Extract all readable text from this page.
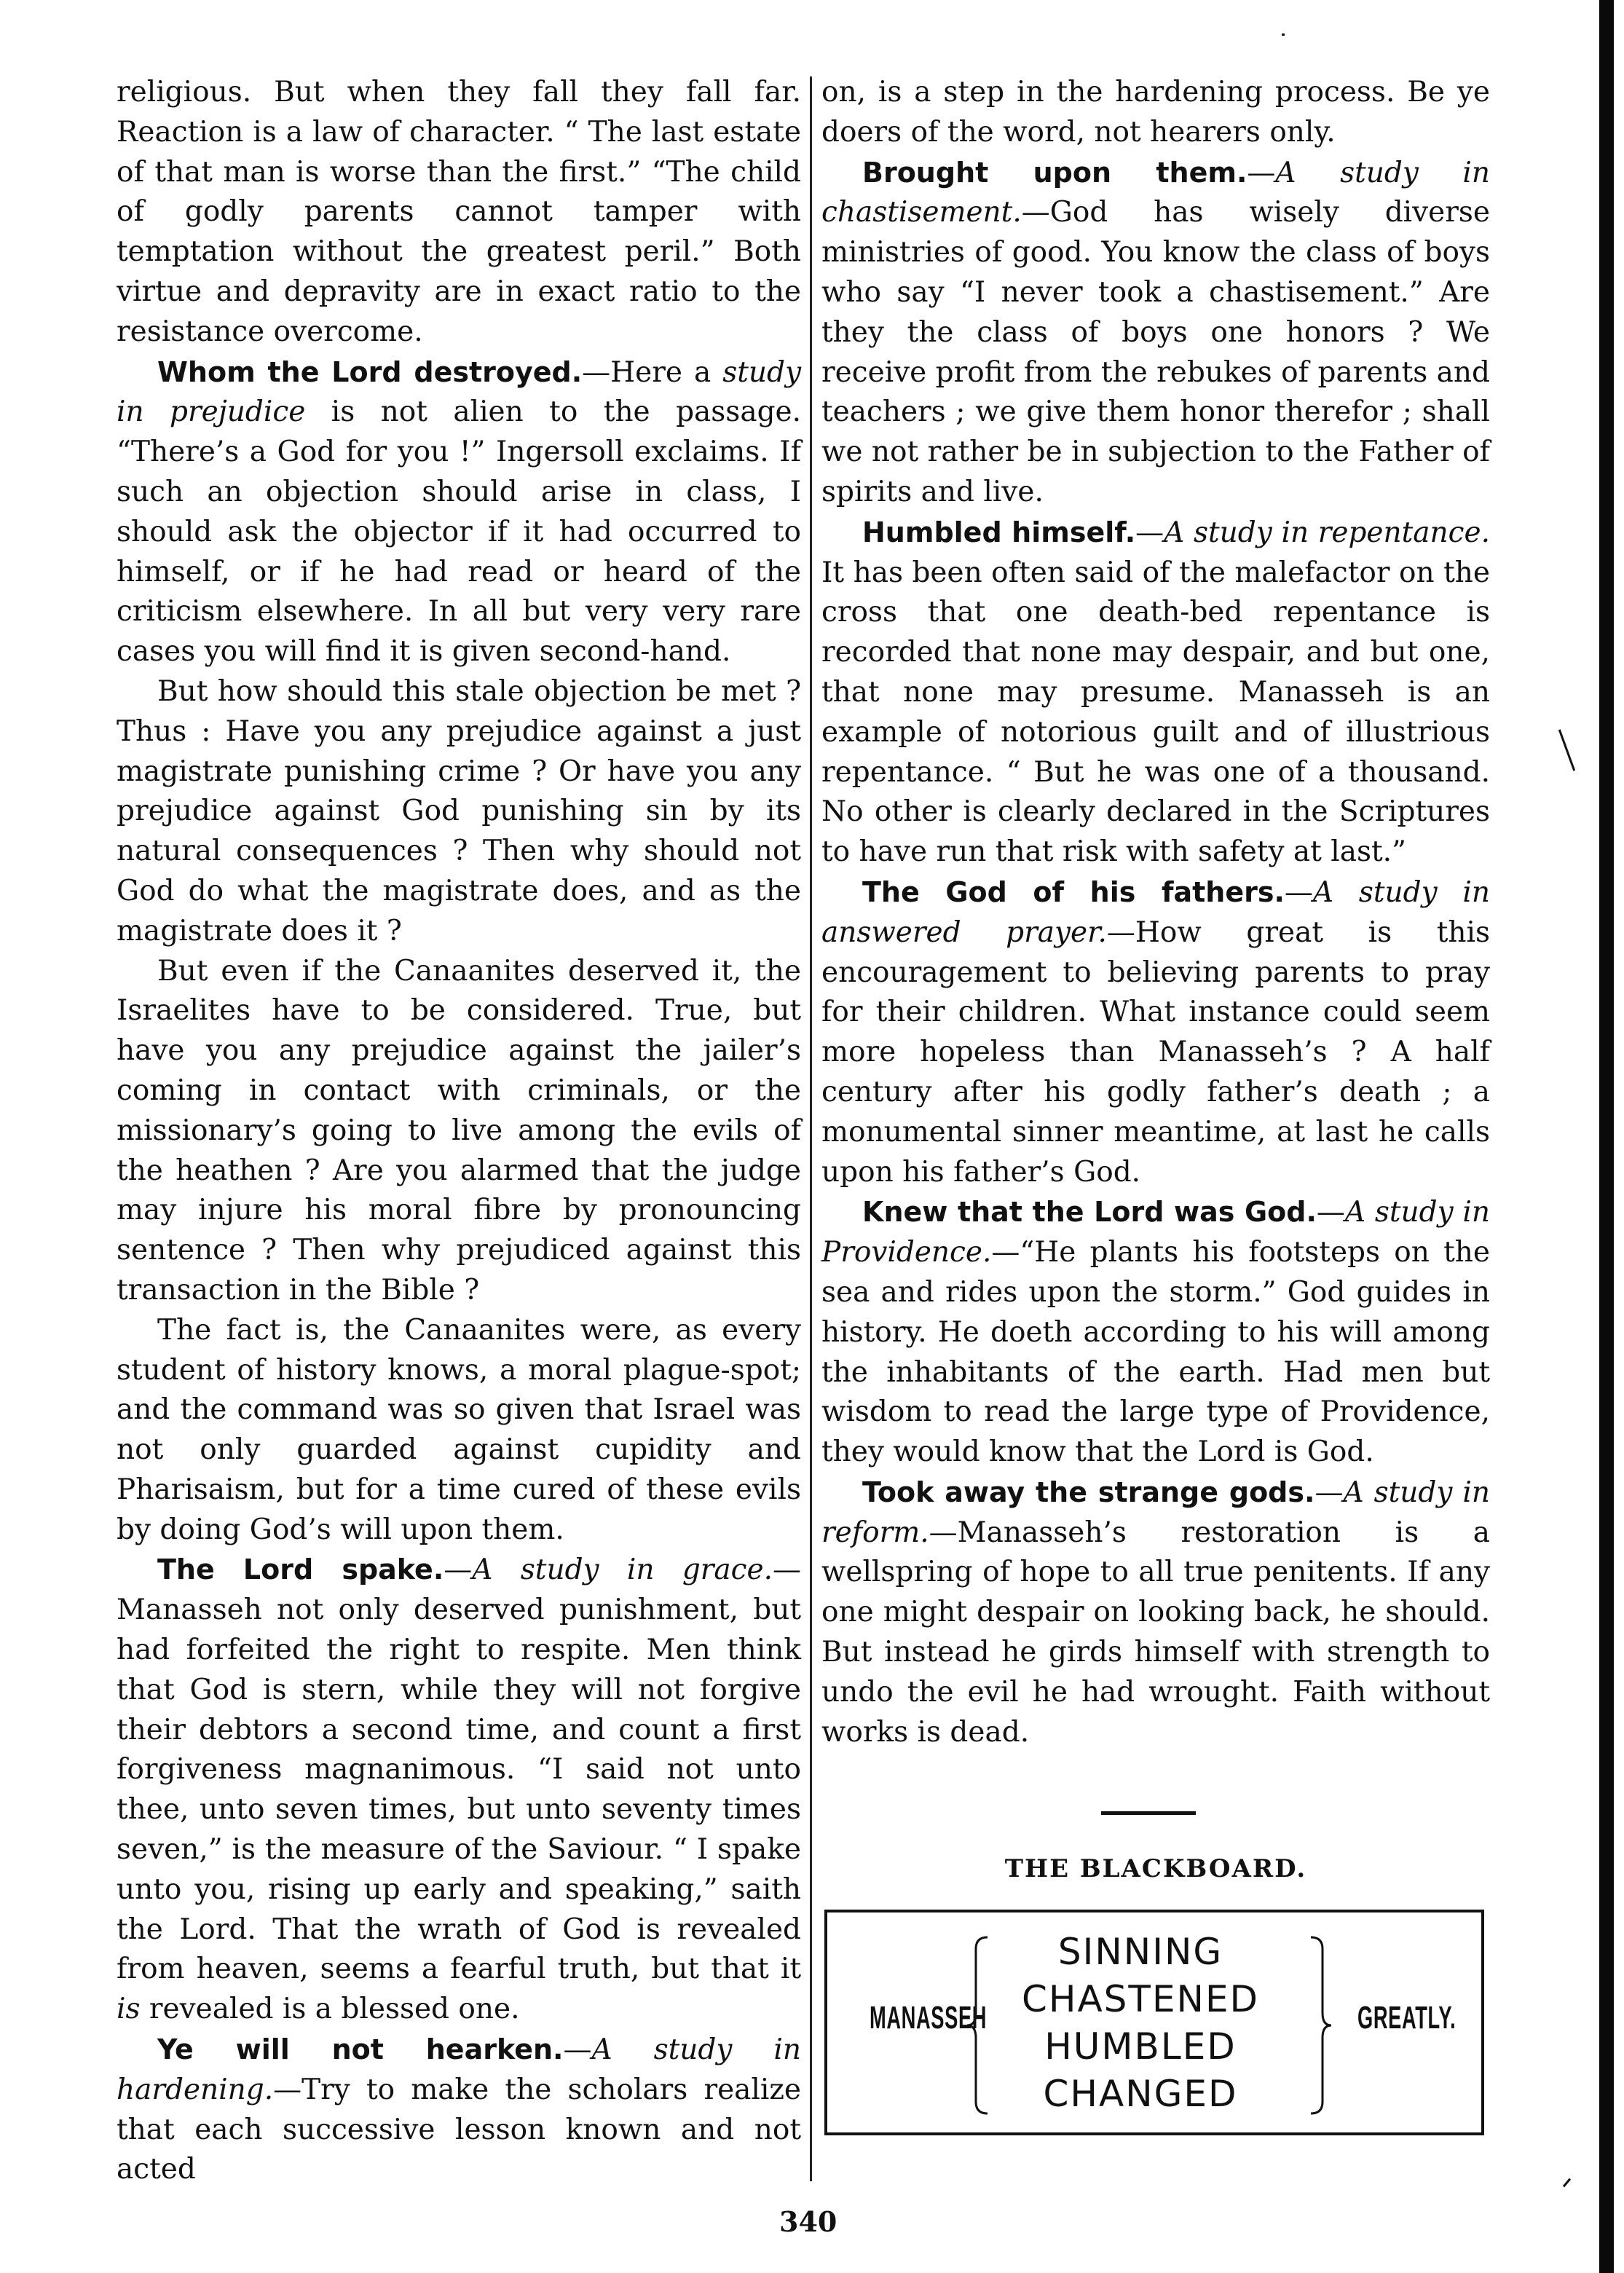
religious. But when they fall they fall far. Reaction is a law of character. “ The last estate of that man is worse than the first.” “The child of godly parents cannot tamper with temptation without the greatest peril.” Both virtue and depravity are in exact ratio to the resistance overcome.

Whom the Lord destroyed.—Here a study in prejudice is not alien to the passage. “There’s a God for you !” Ingersoll exclaims. If such an objection should arise in class, I should ask the objector if it had occurred to himself, or if he had read or heard of the criticism elsewhere. In all but very very rare cases you will find it is given second-hand.

But how should this stale objection be met ? Thus : Have you any prejudice against a just magistrate punishing crime ? Or have you any prejudice against God punishing sin by its natural consequences ? Then why should not God do what the magistrate does, and as the magistrate does it ?

But even if the Canaanites deserved it, the Israelites have to be considered. True, but have you any prejudice against the jailer’s coming in contact with criminals, or the missionary’s going to live among the evils of the heathen ? Are you alarmed that the judge may injure his moral fibre by pronouncing sentence ? Then why prejudiced against this transaction in the Bible ?

The fact is, the Canaanites were, as every student of history knows, a moral plague-spot; and the command was so given that Israel was not only guarded against cupidity and Pharisaism, but for a time cured of these evils by doing God’s will upon them.

The Lord spake.—A study in grace.—Manasseh not only deserved punishment, but had forfeited the right to respite. Men think that God is stern, while they will not forgive their debtors a second time, and count a first forgiveness magnanimous. “I said not unto thee, unto seven times, but unto seventy times seven,” is the measure of the Saviour. “ I spake unto you, rising up early and speaking,” saith the Lord. That the wrath of God is revealed from heaven, seems a fearful truth, but that it is revealed is a blessed one.

Ye will not hearken.—A study in hardening.—Try to make the scholars realize that each successive lesson known and not acted

on, is a step in the hardening process. Be ye doers of the word, not hearers only.

Brought upon them.—A study in chastisement.—God has wisely diverse ministries of good. You know the class of boys who say “I never took a chastisement.” Are they the class of boys one honors ? We receive profit from the rebukes of parents and teachers ; we give them honor therefor ; shall we not rather be in subjection to the Father of spirits and live.

Humbled himself.—A study in repentance. It has been often said of the malefactor on the cross that one death-bed repentance is recorded that none may despair, and but one, that none may presume. Manasseh is an example of notorious guilt and of illustrious repentance. “ But he was one of a thousand. No other is clearly declared in the Scriptures to have run that risk with safety at last.”

The God of his fathers.—A study in answered prayer.—How great is this encouragement to believing parents to pray for their children. What instance could seem more hopeless than Manasseh’s ? A half century after his godly father’s death ; a monumental sinner meantime, at last he calls upon his father’s God.

Knew that the Lord was God.—A study in Providence.—“He plants his footsteps on the sea and rides upon the storm.” God guides in history. He doeth according to his will among the inhabitants of the earth. Had men but wisdom to read the large type of Providence, they would know that the Lord is God.

Took away the strange gods.—A study in reform.—Manasseh’s restoration is a wellspring of hope to all true penitents. If any one might despair on looking back, he should. But instead he girds himself with strength to undo the evil he had wrought. Faith without works is dead.

THE BLACKBOARD.
MANASSEH
SINNING
CHASTENED
HUMBLED
CHANGED
GREATLY.
340
